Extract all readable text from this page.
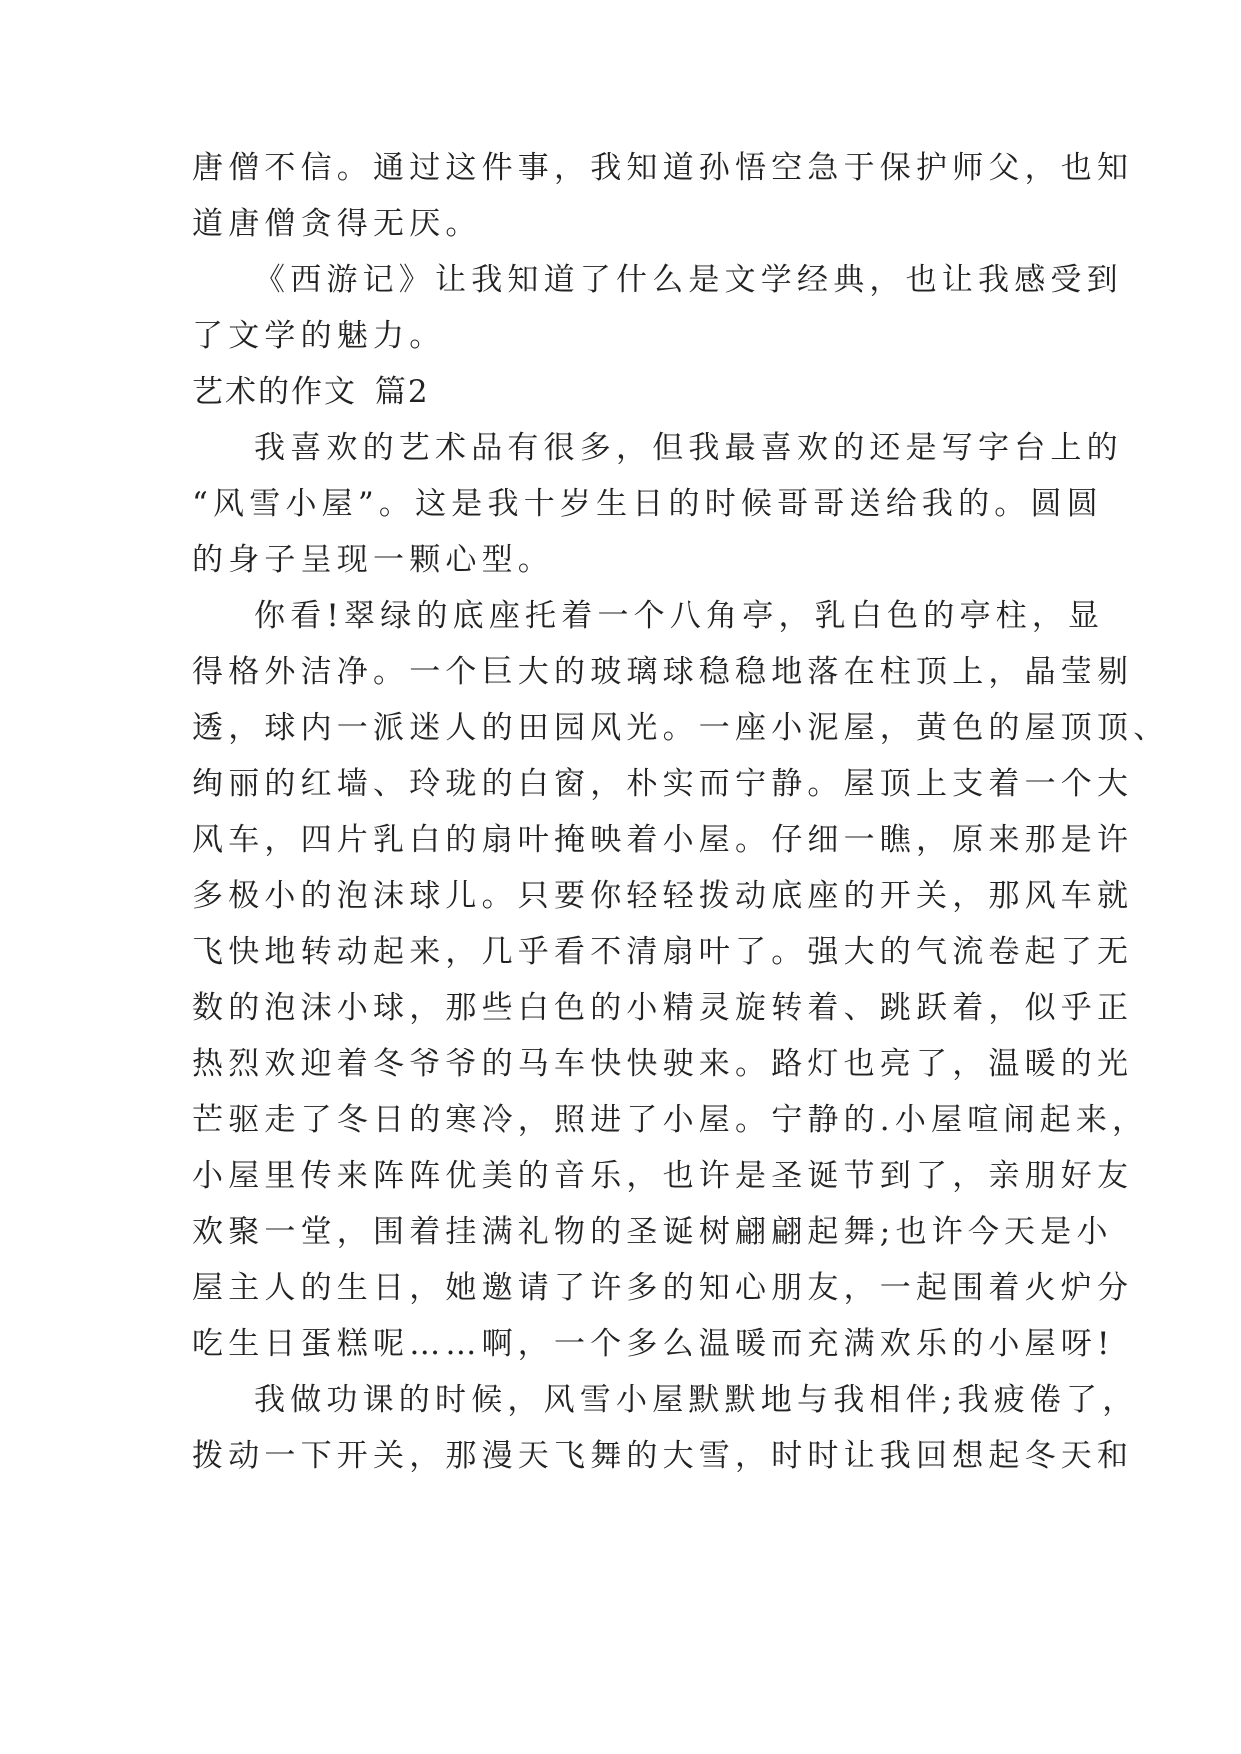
唐僧不信。通过这件事，我知道孙悟空急于保护师父，也知
道唐僧贪得无厌。
《西游记》让我知道了什么是文学经典，也让我感受到
了文学的魅力。
艺术的作文 篇2
我喜欢的艺术品有很多，但我最喜欢的还是写字台上的
“风雪小屋”。这是我十岁生日的时候哥哥送给我的。圆圆
的身子呈现一颗心型。
你看!翠绿的底座托着一个八角亭，乳白色的亭柱，显
得格外洁净。一个巨大的玻璃球稳稳地落在柱顶上，晶莹剔
透，球内一派迷人的田园风光。一座小泥屋，黄色的屋顶顶、
绚丽的红墙、玲珑的白窗，朴实而宁静。屋顶上支着一个大
风车，四片乳白的扇叶掩映着小屋。仔细一瞧，原来那是许
多极小的泡沫球儿。只要你轻轻拨动底座的开关，那风车就
飞快地转动起来，几乎看不清扇叶了。强大的气流卷起了无
数的泡沫小球，那些白色的小精灵旋转着、跳跃着，似乎正
热烈欢迎着冬爷爷的马车快快驶来。路灯也亮了，温暖的光
芒驱走了冬日的寒冷，照进了小屋。宁静的.小屋喧闹起来，
小屋里传来阵阵优美的音乐，也许是圣诞节到了，亲朋好友
欢聚一堂，围着挂满礼物的圣诞树翩翩起舞;也许今天是小
屋主人的生日，她邀请了许多的知心朋友，一起围着火炉分
吃生日蛋糕呢……啊，一个多么温暖而充满欢乐的小屋呀!
我做功课的时候，风雪小屋默默地与我相伴;我疲倦了，
拨动一下开关，那漫天飞舞的大雪，时时让我回想起冬天和
